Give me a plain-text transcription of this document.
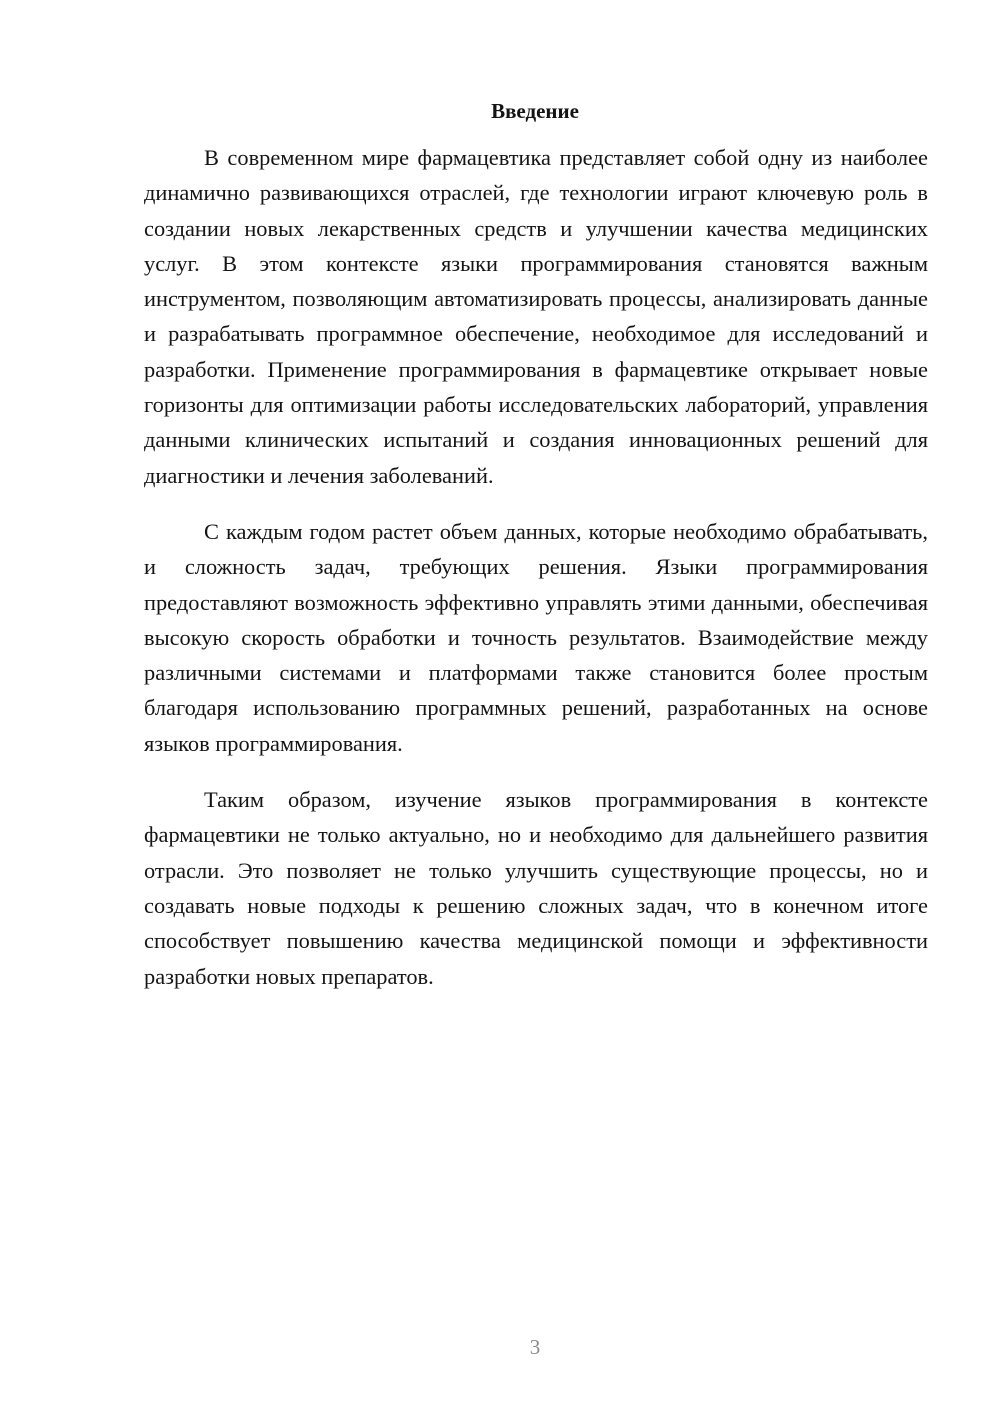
Введение

В современном мире фармацевтика представляет собой одну из наиболее динамично развивающихся отраслей, где технологии играют ключевую роль в создании новых лекарственных средств и улучшении качества медицинских услуг. В этом контексте языки программирования становятся важным инструментом, позволяющим автоматизировать процессы, анализировать данные и разрабатывать программное обеспечение, необходимое для исследований и разработки. Применение программирования в фармацевтике открывает новые горизонты для оптимизации работы исследовательских лабораторий, управления данными клинических испытаний и создания инновационных решений для диагностики и лечения заболеваний.

С каждым годом растет объем данных, которые необходимо обрабатывать, и сложность задач, требующих решения. Языки программирования предоставляют возможность эффективно управлять этими данными, обеспечивая высокую скорость обработки и точность результатов. Взаимодействие между различными системами и платформами также становится более простым благодаря использованию программных решений, разработанных на основе языков программирования.

Таким образом, изучение языков программирования в контексте фармацевтики не только актуально, но и необходимо для дальнейшего развития отрасли. Это позволяет не только улучшить существующие процессы, но и создавать новые подходы к решению сложных задач, что в конечном итоге способствует повышению качества медицинской помощи и эффективности разработки новых препаратов.

3
